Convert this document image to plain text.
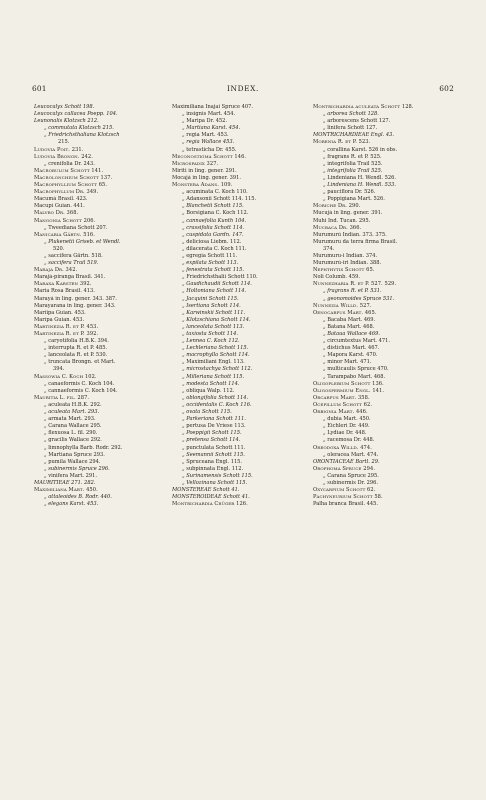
601	INDEX.	602
Leucocalyx Schott 198.
Leucocalyx callacea Poepp. 104.
Leunonalis Klotzsch 212.
„ commutata Klotzsch 215.
„ Friedrichsthaliana Klotzsch
215.
Ludovia Poit. 231.
Ludovia Brongn. 242.
„ crenifolia Dr. 243.
Macrobulum Schott 141.
Macrolonchium Schott 137.
Macrophyllium Schott 65.
Macrophyllum Dr. 349.
Macumá Brasil. 423.
Macupí Guian. 441.
Malvro Dr. 368.
Mangonia Schott 206.
„ Tweediana Schott 207.
Manicaria Gärtn. 516.
„ Plukenetii Griseb. et Wendl.
520.
„ saccifera Gärtn. 518.
„ saccifera Trail 519.
Maraja Dr. 342.
Marajá-piranga Brasil. 341.
Maraxa Karsten 392.
Maria Rosa Brasil. 413.
Marayá in ling. gener. 343. 387.
Marayarana in ling. gener. 343.
Mariipa Guian. 453.
Marípa Guian. 453.
Martinezia R. et P. 453.
Martinezia R. et P. 392.
„ caryotifolia H.B.K. 394.
„ interrupta R. et P. 485.
„ lanceolata R. et P. 530.
„ truncata Brongn. et Mart.
394.
Massowia C. Koch 102.
„ canaeformis C. Koch 104.
„ cannaeformis C. Koch 104.
Mauritia L. fil. 287.
„ aculeata H.B.K. 292.
„ aculeata Mart. 293.
„ armata Mart. 293.
„ Carana Wallace 295.
„ flexuosa L. fil. 290.
„ gracilis Wallace 292.
„ limnophylla Barb. Rodr. 292.
„ Martiana Spruce 293.
„ pumila Wallace 294.
„ subinermis Spruce 296.
„ vinifera Mart. 291.
MAURITIEAE 271. 282.
Maximiliana Mart. 450.
„ attaleoides B. Rodr. 440.
„ elegans Karst. 453.
Maximiliana Inajai Spruce 407.
„ insignis Mart. 454.
„ Maripa Dr. 452.
„ Martiana Karst. 454.
„ regia Mart. 453.
„ regia Wallace 453.
„ tetrasticha Dr. 455.
Meconostigma Schott 146.
Microspadix 327.
Miriti in ling. gener. 291.
Mocajá in ling. gener. 391.
Monstera Adans. 109.
„ acuminata C. Koch 110.
„ Adansonii Schott 114. 115.
„ Blanchetii Schott 115.
„ Borsigiana C. Koch 112.
„ cannaefolia Kunth 104.
„ crassifolia Schott 114.
„ cuspidata Gardn. 147.
„ deliciosa Liebm. 112.
„ dilacerata C. Koch 111.
„ egregia Schott 111.
„ expilata Schott 113.
„ fenestrata Schott 115.
„ Friedrichsthalii Schott 110.
„ Gaudichaudii Schott 114.
„ Holtoniana Schott 114.
„ Jacquini Schott 115.
„ Isertiana Schott 114.
„ Karwinskii Schott 111.
„ Klotzschiana Schott 114.
„ lanceolata Schott 113.
„ taxiosta Schott 114.
„ Lennea C. Koch 112.
„ Lechleriana Schott 115.
„ macrophylla Schott 114.
„ Maximiliani Engl. 113.
„ microstachya Schott 112.
„ Milleriana Schott 115.
„ modesta Schott 114.
„ obliqua Walp. 112.
„ oblongifolia Schott 114.
„ occidentalis C. Koch 116.
„ ovata Schott 115.
„ Parkeriana Schott 111.
„ pertusa De Vriese 113.
„ Poeppigii Schott 115.
„ pretensa Schott 114.
„ punctulata Schott 111.
„ Seemannii Schott 115.
„ Spruceana Engl. 115.
„ subpinnata Engl. 112.
„ Surinamensis Schott 115.
„ Vellozinana Schott 115.
MONSTEREAE Schott 41.
MONSTEROIDEAE Schott 41.
Montrichardia Crüger 126.
Montrichardia aculeata Schott 128.
„ arborea Schott 128.
„ arborescens Schott 127.
„ linifera Schott 127.
MONTRICHARDIEAE Engl. 43.
Morenia R. et P. 523.
„ corallina Karst. 526 in obs.
„ fragrans R. et P. 525.
„ integrifolia Trail 525.
„ integrifolia Trail 525.
„ Lindeniana H. Wendl. 526.
„ Lindeniana H. Wendl. 533.
„ pauciflora Dr. 526.
„ Poppigiana Mart. 526.
Moriche Dr. 290.
Mucujá in ling. gener. 391.
Muhi Ind. Tucan. 295.
Mucbaca Dr. 366.
Murumurú Indian. 373. 375.
Murumuru da terra firma Brasil.
374.
Murumuru-i Indian. 374.
Murumurú-iri Indian. 388.
Nephthytis Schott 65.
Noli Columb. 459.
Nunnezharia R. et P. 527. 529.
„ fragrans R. et P. 531.
„ geonomoides Spruce 531.
Nunnezia Willd. 527.
Oenocarpus Mart. 465.
„ Bacaba Mart. 469.
„ Batana Mart. 468.
„ Bataua Wallace 469.
„ circumtextus Mart. 471.
„ distichus Mart. 467.
„ Mapora Karst. 470.
„ minor Mart. 471.
„ multicaulis Spruce 470.
„ Tarampabo Mart. 468.
Oligoplebium Schott 136.
Oligospermium Engl. 141.
Orcarpus Mart. 358.
Ocepillum Schott 62.
Orbignia Mart. 446.
„ dubia Mart. 450.
„ Eichleri Dr. 449.
„ Lydiae Dr. 448.
„ racemosa Dr. 448.
Oreodoxa Willd. 474.
„ oleracea Mart. 474.
ORONTIACEAE Bartl. 29.
Orophoma Spruce 294.
„ Carana Spruce 295.
„ subinermis Dr. 296.
Oxycarpium Schott 62.
Pachyneurium Schott 58.
Palha branca Brasil. 445.
